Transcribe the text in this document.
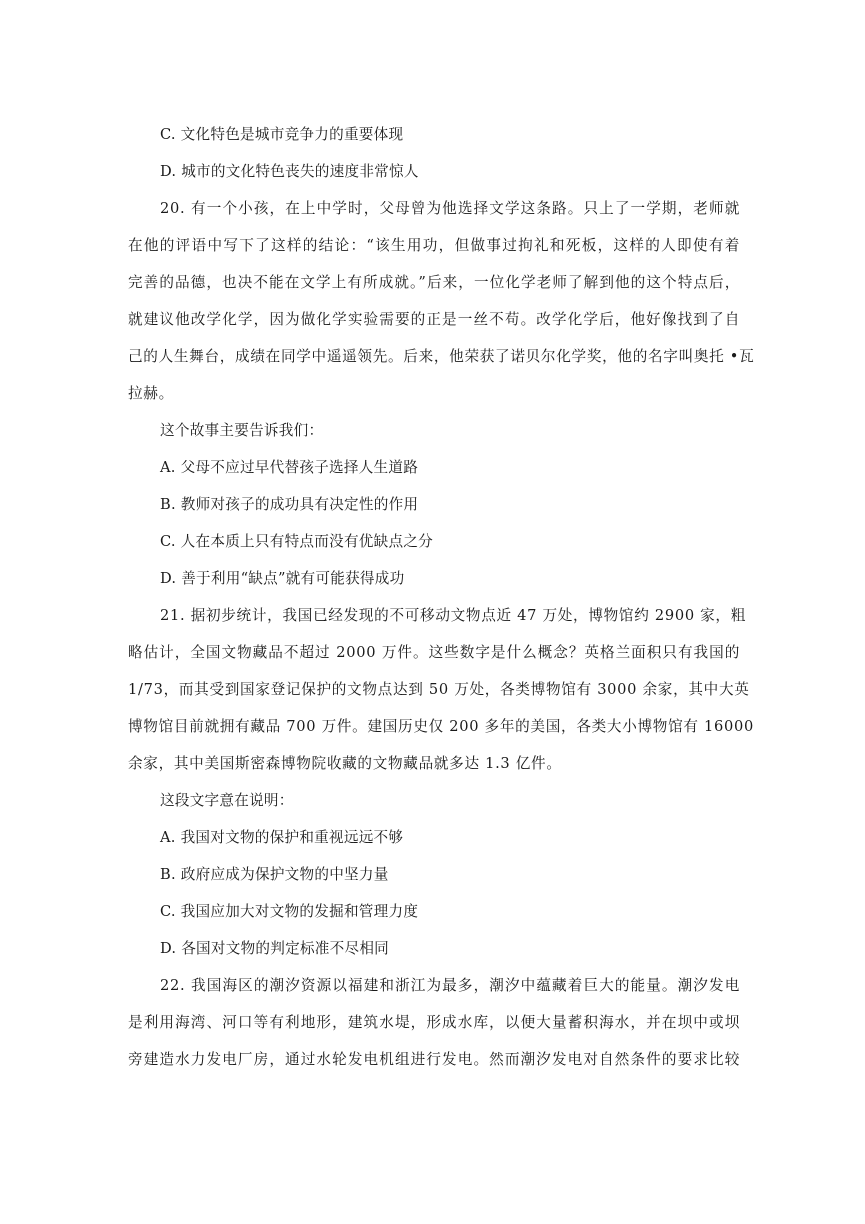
C. 文化特色是城市竞争力的重要体现
D. 城市的文化特色丧失的速度非常惊人
20. 有一个小孩，在上中学时，父母曾为他选择文学这条路。只上了一学期，老师就
在他的评语中写下了这样的结论：“该生用功，但做事过拘礼和死板，这样的人即使有着
完善的品德，也决不能在文学上有所成就。”后来，一位化学老师了解到他的这个特点后，
就建议他改学化学，因为做化学实验需要的正是一丝不苟。改学化学后，他好像找到了自
己的人生舞台，成绩在同学中遥遥领先。后来，他荣获了诺贝尔化学奖，他的名字叫奥托 •瓦
拉赫。
这个故事主要告诉我们：
A. 父母不应过早代替孩子选择人生道路
B. 教师对孩子的成功具有决定性的作用
C. 人在本质上只有特点而没有优缺点之分
D. 善于利用“缺点”就有可能获得成功
21. 据初步统计，我国已经发现的不可移动文物点近 47 万处，博物馆约 2900 家，粗
略估计，全国文物藏品不超过 2000 万件。这些数字是什么概念？英格兰面积只有我国的
1/73，而其受到国家登记保护的文物点达到 50 万处，各类博物馆有 3000 余家，其中大英
博物馆目前就拥有藏品 700 万件。建国历史仅 200 多年的美国，各类大小博物馆有 16000
余家，其中美国斯密森博物院收藏的文物藏品就多达 1.3 亿件。
这段文字意在说明：
A. 我国对文物的保护和重视远远不够
B. 政府应成为保护文物的中坚力量
C. 我国应加大对文物的发掘和管理力度
D. 各国对文物的判定标准不尽相同
22. 我国海区的潮汐资源以福建和浙江为最多，潮汐中蕴藏着巨大的能量。潮汐发电
是利用海湾、河口等有利地形，建筑水堤，形成水库，以便大量蓄积海水，并在坝中或坝
旁建造水力发电厂房，通过水轮发电机组进行发电。然而潮汐发电对自然条件的要求比较
